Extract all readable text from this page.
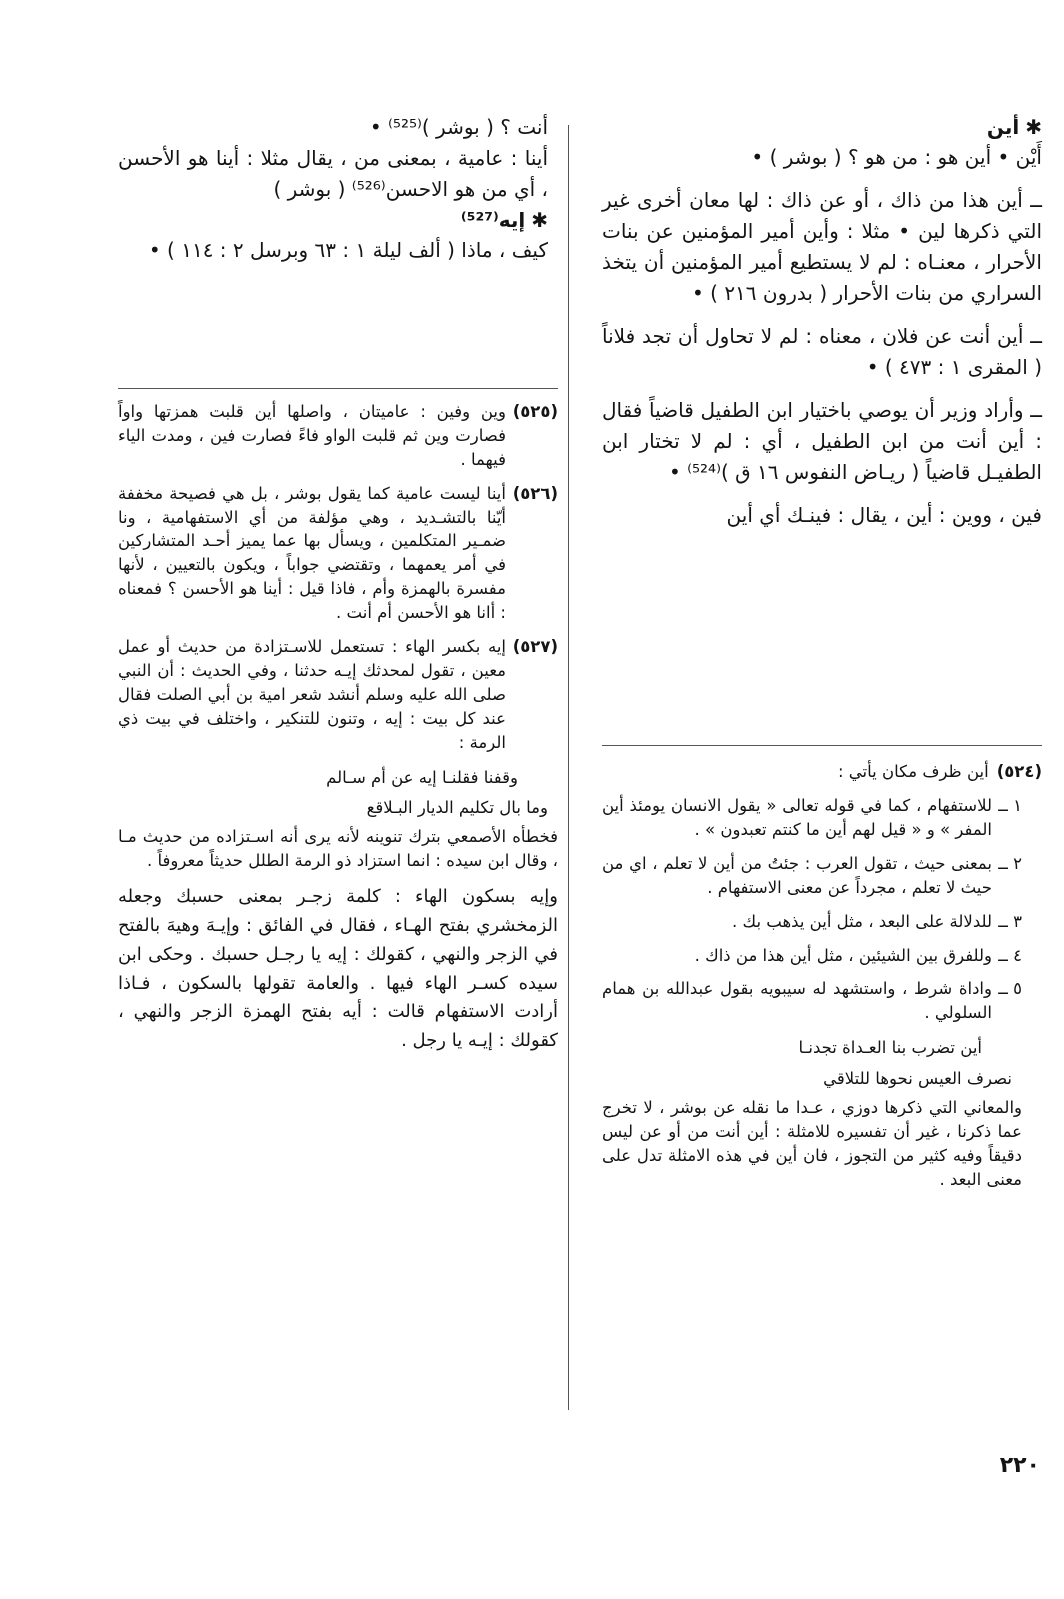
✱أين

أَيْن • أين هو : من هو ؟ ( بوشر ) •

ــ أين هذا من ذاك ، أو عن ذاك : لها معان أخرى غير التي ذكرها لين • مثلا : وأين أمير المؤمنين عن بنات الأحرار ، معنـاه : لم لا يستطيع أمير المؤمنين أن يتخذ السراري من بنات الأحرار ( بدرون ٢١٦ ) •

ــ أين أنت عن فلان ، معناه : لم لا تحاول أن تجد فلاناً ( المقرى ١ : ٤٧٣ ) •

ــ وأراد وزير أن يوصي باختيار ابن الطفيل قاضياً فقال : أين أنت من ابن الطفيل ، أي : لم لا تختار ابن الطفيـل قاضياً ( ريـاض النفوس ١٦ ق )⁽⁵²⁴⁾ •

فين ، ووين : أين ، يقال : فينـك أي أين

أنت ؟ ( بوشر )⁽⁵²⁵⁾ •

أينا : عامية ، بمعنى من ، يقال مثلا : أينا هو الأحسن ، أي من هو الاحسن⁽⁵²⁶⁾ ( بوشر )

✱إيه⁽⁵²⁷⁾

كيف ، ماذا ( ألف ليلة ١ : ٦٣ وبرسل ٢ : ١١٤ ) •

(٥٢٤)أين ظرف مكان يأتي :

١ ــ
للاستفهام ، كما في قوله تعالى « يقول الانسان يومئذ أين المفر » و « قيل لهم أين ما كنتم تعبدون » .
٢ ــ
بمعنى حيث ، تقول العرب : جئتُ من أين لا تعلم ، اي من حيث لا تعلم ، مجرداً عن معنى الاستفهام .
٣ ــ
للدلالة على البعد ، مثل أين يذهب بك .
٤ ــ
وللفرق بين الشيئين ، مثل أين هذا من ذاك .
٥ ــ
واداة شرط ، واستشهد له سيبويه بقول عبدالله بن همام السلولي .

أين تضرب بنا العـداة تجدنـا

نصرف العيس نحوها للتلاقي

والمعاني التي ذكرها دوزي ، عـدا ما نقله عن بوشر ، لا تخرج عما ذكرنا ، غير أن تفسيره للامثلة : أين أنت من أو عن ليس دقيقاً وفيه كثير من التجوز ، فان أين في هذه الامثلة تدل على معنى البعد .

(٥٢٥)
وين وفين : عاميتان ، واصلها أين قلبت همزتها واواً فصارت وين ثم قلبت الواو فاءً فصارت فين ، ومدت الياء فيهما .

(٥٢٦)
أينا ليست عامية كما يقول بوشر ، بل هي فصيحة مخففة أيّنا بالتشـديد ، وهي مؤلفة من أي الاستفهامية ، ونا ضمـير المتكلمين ، ويسأل بها عما يميز أحـد المتشاركين في أمر يعمهما ، وتقتضي جواباً ، ويكون بالتعيين ، لأنها مفسرة بالهمزة وأم ، فاذا قيل : أينا هو الأحسن ؟ فمعناه : أانا هو الأحسن أم أنت .

(٥٢٧)
إيه بكسر الهاء : تستعمل للاسـتزادة من حديث أو عمل معين ، تقول لمحدثك إيـه حدثنا ، وفي الحديث : أن النبي صلى الله عليه وسلم أنشد شعر امية بن أبي الصلت فقال عند كل بيت : إيه ، وتنون للتنكير ، واختلف في بيت ذي الرمة :

وقفنا فقلنـا إيه عن أم سـالم

وما بال تكليم الديار البـلاقع

فخطأه الأصمعي بترك تنوينه لأنه يرى أنه اسـتزاده من حديث مـا ، وقال ابن سيده : انما استزاد ذو الرمة الطلل حديثاً معروفاً .

وإيه بسكون الهاء : كلمة زجـر بمعنى حسبك وجعله الزمخشري بفتح الهـاء ، فقال في الفائق : وإيـهَ وهيهَ بالفتح في الزجر والنهي ، كقولك : إيه يا رجـل حسبك . وحكى ابن سيده كسـر الهاء فيها . والعامة تقولها بالسكون ، فـاذا أرادت الاستفهام قالت : أيه بفتح الهمزة الزجر والنهي ، كقولك : إيـه يا رجل .

٢٢٠
